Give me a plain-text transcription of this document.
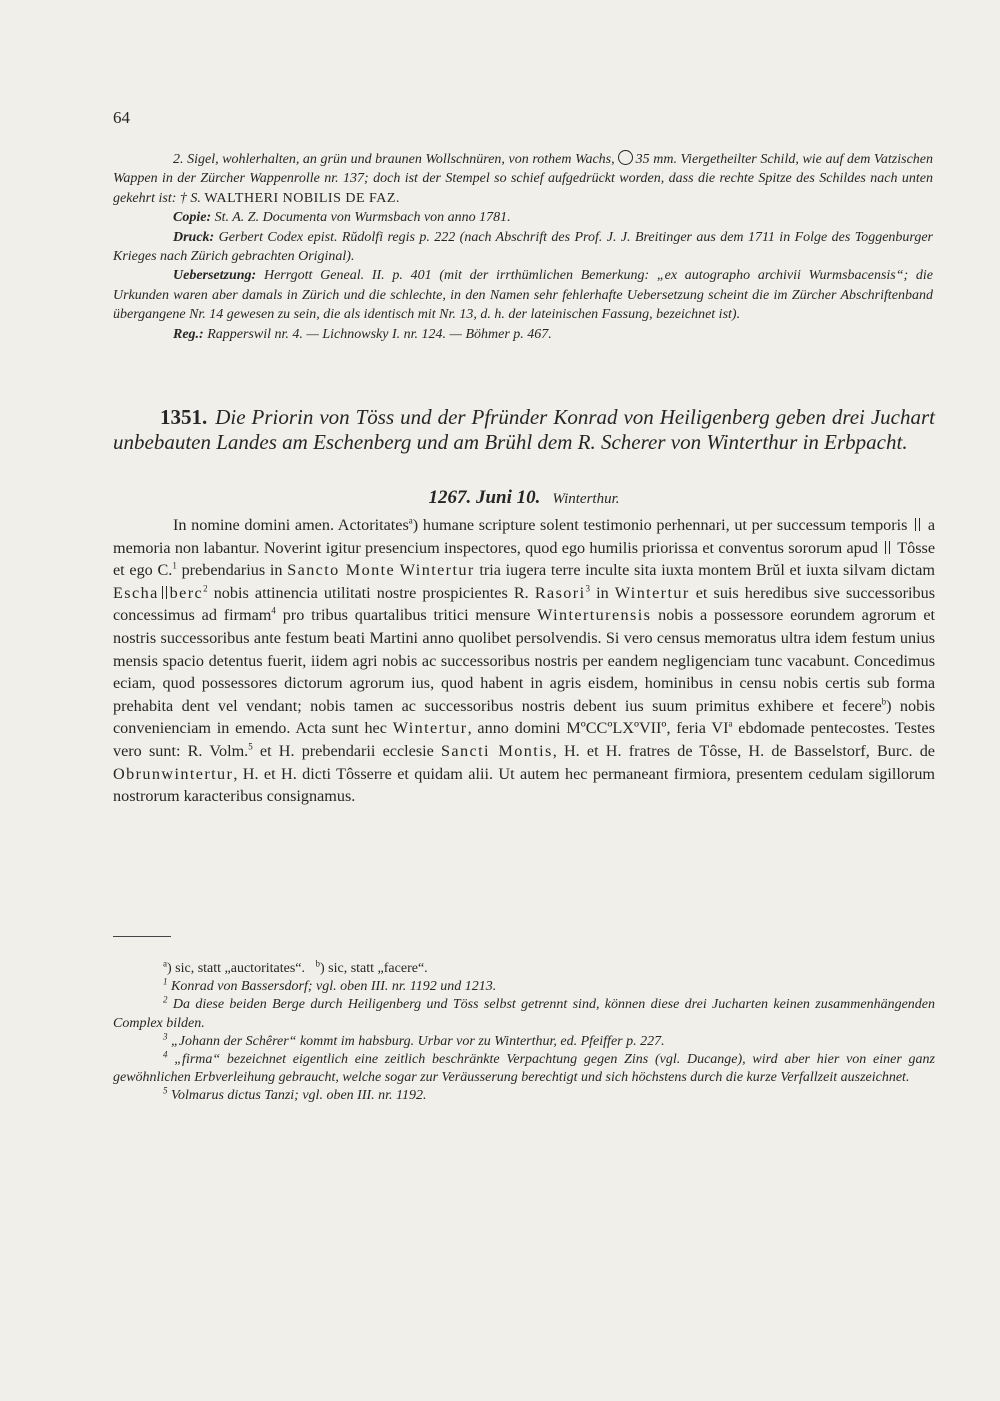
64

2. Sigel, wohlerhalten, an grün und braunen Wollschnüren, von rothem Wachs, 35 mm. Viergetheilter Schild, wie auf dem Vatzischen Wappen in der Zürcher Wappenrolle nr. 137; doch ist der Stempel so schief aufgedrückt worden, dass die rechte Spitze des Schildes nach unten gekehrt ist: † S. WALTHERI NOBILIS DE FAZ.

Copie: St. A. Z. Documenta von Wurmsbach von anno 1781.

Druck: Gerbert Codex epist. Rŭdolfi regis p. 222 (nach Abschrift des Prof. J. J. Breitinger aus dem 1711 in Folge des Toggenburger Krieges nach Zürich gebrachten Original).

Uebersetzung: Herrgott Geneal. II. p. 401 (mit der irrthümlichen Bemerkung: „ex autographo archivii Wurmsbacensis“; die Urkunden waren aber damals in Zürich und die schlechte, in den Namen sehr fehlerhafte Uebersetzung scheint die im Zürcher Abschriftenband übergangene Nr. 14 gewesen zu sein, die als identisch mit Nr. 13, d. h. der lateinischen Fassung, bezeichnet ist).

Reg.: Rapperswil nr. 4. — Lichnowsky I. nr. 124. — Böhmer p. 467.

1351. Die Priorin von Töss und der Pfründer Konrad von Heiligenberg geben drei Juchart unbebauten Landes am Eschenberg und am Brühl dem R. Scherer von Winterthur in Erbpacht.
1267. Juni 10. Winterthur.

In nomine domini amen. Actoritates$^a$) humane scripture solent testimonio perhennari, ut per successum temporis a memoria non labantur. Noverint igitur presencium inspectores, quod ego humilis priorissa et conventus sororum apud Tôsse et ego C.$^1$ prebendarius in Sancto Monte Wintertur tria iugera terre inculte sita iuxta montem Brŭl et iuxta silvam dictam Escha berc$^2$ nobis attinencia utilitati nostre prospicientes R. Rasori$^3$ in Wintertur et suis heredibus sive successoribus concessimus ad firmam$^4$ pro tribus quartalibus tritici mensure Winterturensis nobis a possessore eorundem agrorum et nostris successoribus ante festum beati Martini anno quolibet persolvendis. Si vero census memoratus ultra idem festum unius mensis spacio detentus fuerit, iidem agri nobis ac successoribus nostris per eandem negligenciam tunc vacabunt. Concedimus eciam, quod possessores dictorum agrorum ius, quod habent in agris eisdem, hominibus in censu nobis certis sub forma prehabita dent vel vendant; nobis tamen ac successoribus nostris debent ius suum primitus exhibere et fecere$^b$) nobis convenienciam in emendo. Acta sunt hec Wintertur, anno domini MºCCºLXºVIIº, feria $VI^a$ ebdomade pentecostes. Testes vero sunt: R. Volm.$^5$ et H. prebendarii ecclesie Sancti Montis, H. et H. fratres de Tôsse, H. de Basselstorf, Burc. de Obrunwintertur, H. et H. dicti Tôsserre et quidam alii. Ut autem hec permaneant firmiora, presentem cedulam sigillorum nostrorum karacteribus consignamus.

$^a$) sic, statt „auctoritates“. $^b$) sic, statt „facere“.

$^1$ Konrad von Bassersdorf; vgl. oben III. nr. 1192 und 1213.

$^2$ Da diese beiden Berge durch Heiligenberg und Töss selbst getrennt sind, können diese drei Jucharten keinen zusammenhängenden Complex bilden.

$^3$ „Johann der Schêrer“ kommt im habsburg. Urbar vor zu Winterthur, ed. Pfeiffer p. 227.

$^4$ „firma“ bezeichnet eigentlich eine zeitlich beschränkte Verpachtung gegen Zins (vgl. Ducange), wird aber hier von einer ganz gewöhnlichen Erbverleihung gebraucht, welche sogar zur Veräusserung berechtigt und sich höchstens durch die kurze Verfallzeit auszeichnet.

$^5$ Volmarus dictus Tanzi; vgl. oben III. nr. 1192.
